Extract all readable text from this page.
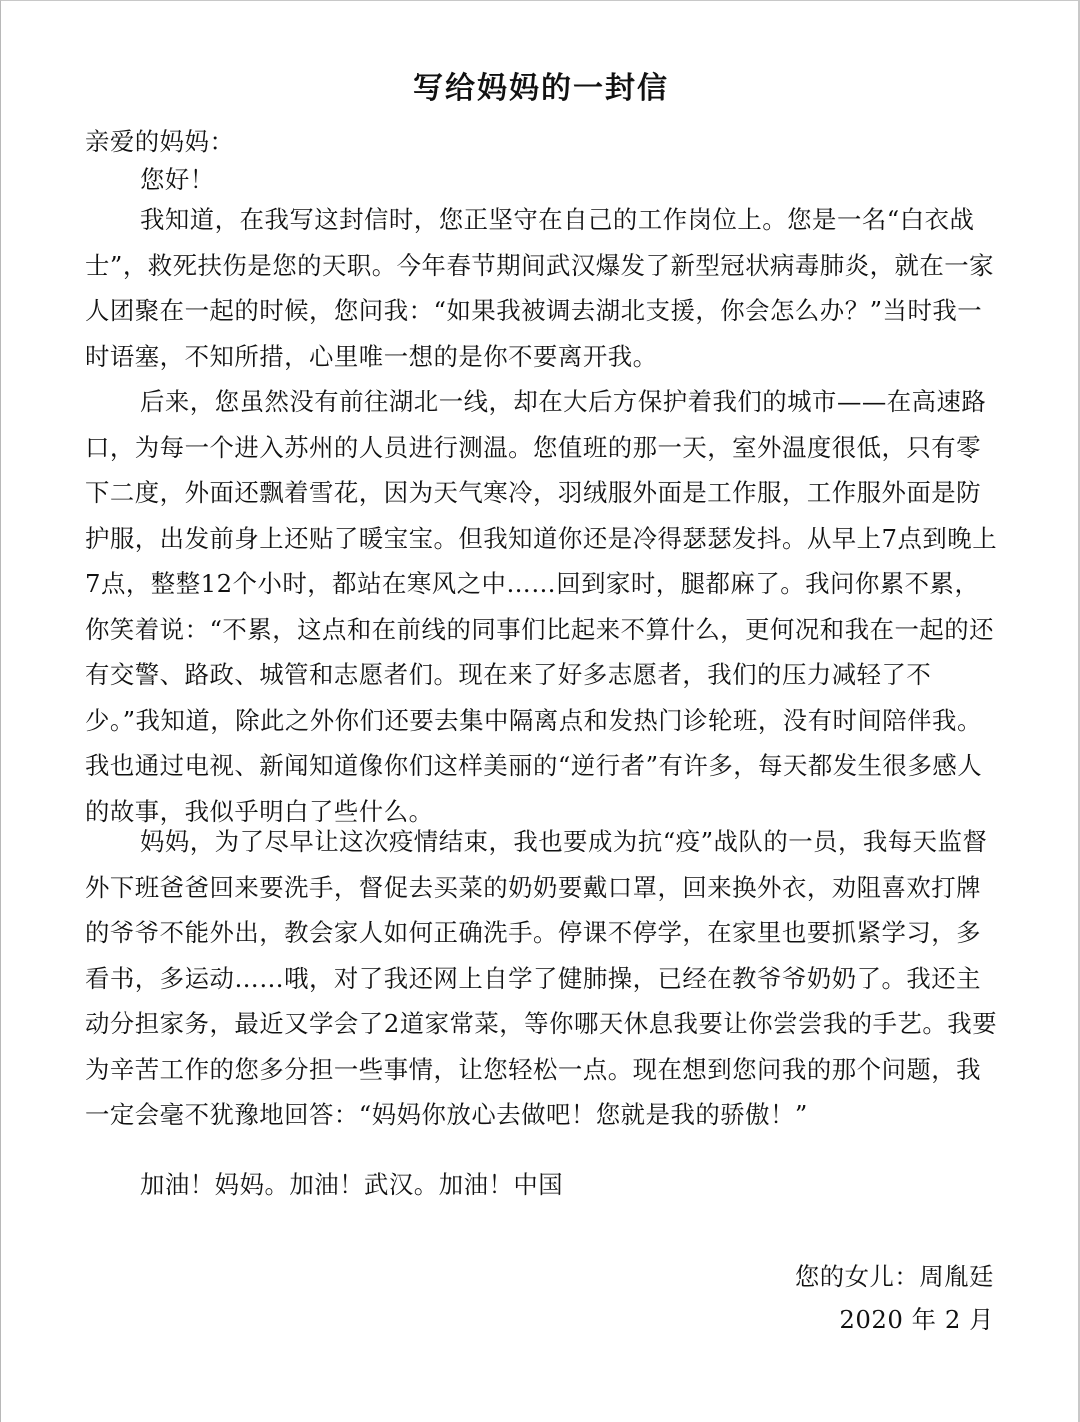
写给妈妈的一封信

亲爱的妈妈：

您好！

我知道，在我写这封信时，您正坚守在自己的工作岗位上。您是一名“白衣战士”，救死扶伤是您的天职。今年春节期间武汉爆发了新型冠状病毒肺炎，就在一家人团聚在一起的时候，您问我：“如果我被调去湖北支援，你会怎么办？”当时我一时语塞，不知所措，心里唯一想的是你不要离开我。

后来，您虽然没有前往湖北一线，却在大后方保护着我们的城市——在高速路口，为每一个进入苏州的人员进行测温。您值班的那一天，室外温度很低，只有零下二度，外面还飘着雪花，因为天气寒冷，羽绒服外面是工作服，工作服外面是防护服，出发前身上还贴了暖宝宝。但我知道你还是冷得瑟瑟发抖。从早上7点到晚上7点，整整12个小时，都站在寒风之中……回到家时，腿都麻了。我问你累不累，你笑着说：“不累，这点和在前线的同事们比起来不算什么，更何况和我在一起的还有交警、路政、城管和志愿者们。现在来了好多志愿者，我们的压力减轻了不少。”我知道，除此之外你们还要去集中隔离点和发热门诊轮班，没有时间陪伴我。我也通过电视、新闻知道像你们这样美丽的“逆行者”有许多，每天都发生很多感人的故事，我似乎明白了些什么。

妈妈，为了尽早让这次疫情结束，我也要成为抗“疫”战队的一员，我每天监督外下班爸爸回来要洗手，督促去买菜的奶奶要戴口罩，回来换外衣，劝阻喜欢打牌的爷爷不能外出，教会家人如何正确洗手。停课不停学，在家里也要抓紧学习，多看书，多运动……哦，对了我还网上自学了健肺操，已经在教爷爷奶奶了。我还主动分担家务，最近又学会了2道家常菜，等你哪天休息我要让你尝尝我的手艺。我要为辛苦工作的您多分担一些事情，让您轻松一点。现在想到您问我的那个问题，我一定会毫不犹豫地回答：“妈妈你放心去做吧！您就是我的骄傲！”

加油！妈妈。加油！武汉。加油！中国

您的女儿：周胤廷

2020 年 2 月
